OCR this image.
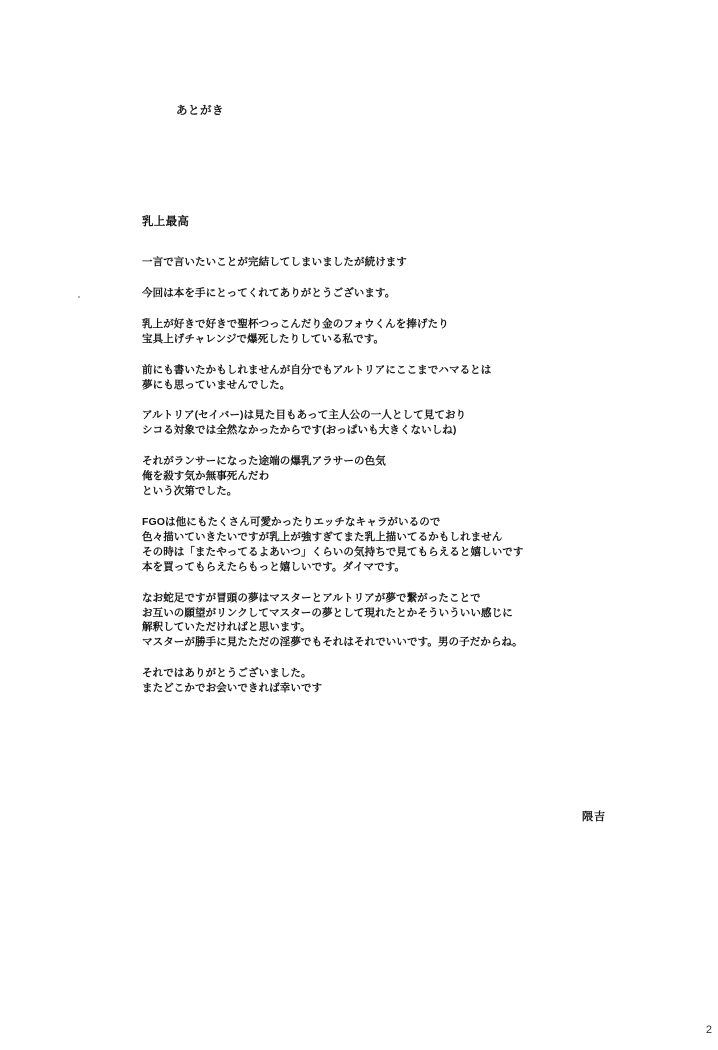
あとがき
乳上最高

一言で言いたいことが完結してしまいましたが続けます

今回は本を手にとってくれてありがとうございます。

乳上が好きで好きで聖杯つっこんだり金のフォウくんを捧げたり
宝具上げチャレンジで爆死したりしている私です。

前にも書いたかもしれませんが自分でもアルトリアにここまでハマるとは
夢にも思っていませんでした。

アルトリア(セイバー)は見た目もあって主人公の一人として見ており
シコる対象では全然なかったからです(おっぱいも大きくないしね)

それがランサーになった途端の爆乳アラサーの色気
俺を殺す気か無事死んだわ
という次第でした。

FGOは他にもたくさん可愛かったりエッチなキャラがいるので
色々描いていきたいですが乳上が強すぎてまた乳上描いてるかもしれません
その時は「またやってるよあいつ」くらいの気持ちで見てもらえると嬉しいです
本を買ってもらえたらもっと嬉しいです。ダイマです。

なお蛇足ですが冒頭の夢はマスターとアルトリアが夢で繋がったことで
お互いの願望がリンクしてマスターの夢として現れたとかそういういい感じに
解釈していただければと思います。
マスターが勝手に見たただの淫夢でもそれはそれでいいです。男の子だからね。

それではありがとうございました。
またどこかでお会いできれば幸いです

隈吉
2
